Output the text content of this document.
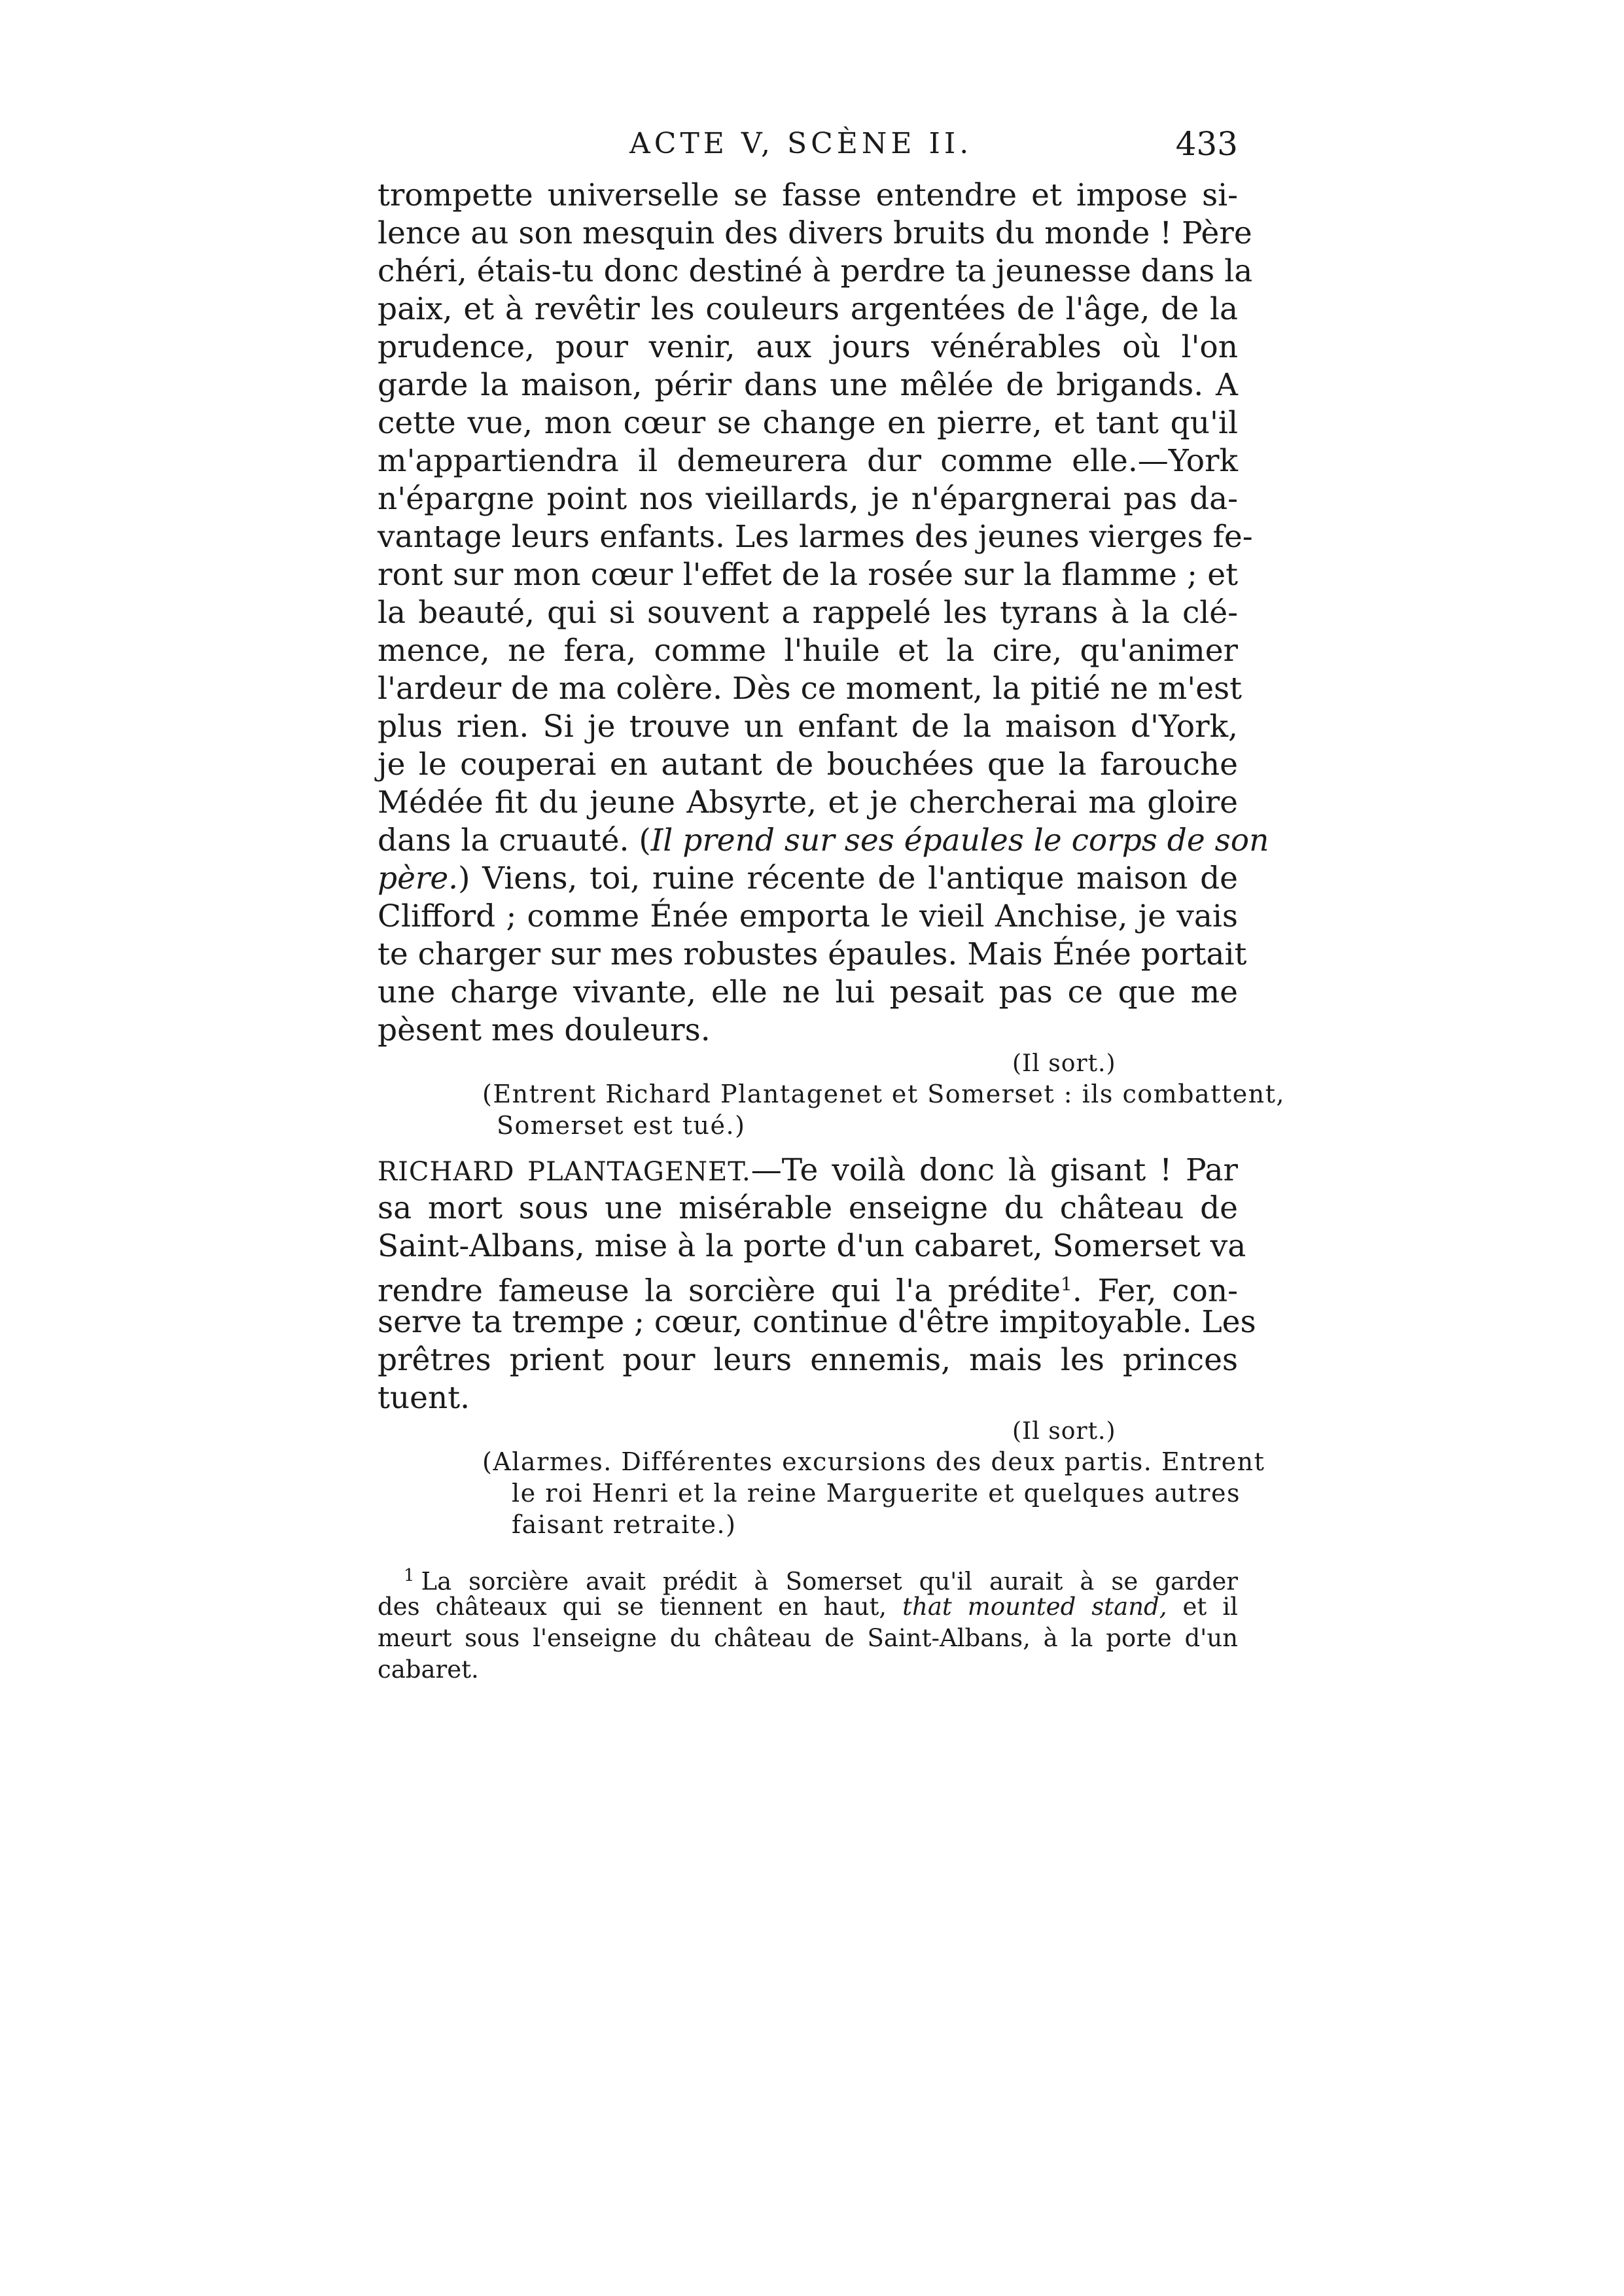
ACTE V, SCÈNE II.	433
trompette universelle se fasse entendre et impose si-
lence au son mesquin des divers bruits du monde ! Père
chéri, étais-tu donc destiné à perdre ta jeunesse dans la
paix, et à revêtir les couleurs argentées de l'âge, de la
prudence, pour venir, aux jours vénérables où l'on
garde la maison, périr dans une mêlée de brigands. A
cette vue, mon cœur se change en pierre, et tant qu'il
m'appartiendra il demeurera dur comme elle.—York
n'épargne point nos vieillards, je n'épargnerai pas da-
vantage leurs enfants. Les larmes des jeunes vierges fe-
ront sur mon cœur l'effet de la rosée sur la flamme ; et
la beauté, qui si souvent a rappelé les tyrans à la clé-
mence, ne fera, comme l'huile et la cire, qu'animer
l'ardeur de ma colère. Dès ce moment, la pitié ne m'est
plus rien. Si je trouve un enfant de la maison d'York,
je le couperai en autant de bouchées que la farouche
Médée fit du jeune Absyrte, et je chercherai ma gloire
dans la cruauté. (Il prend sur ses épaules le corps de son
père.) Viens, toi, ruine récente de l'antique maison de
Clifford ; comme Énée emporta le vieil Anchise, je vais
te charger sur mes robustes épaules. Mais Énée portait
une charge vivante, elle ne lui pesait pas ce que me
pèsent mes douleurs.
(Il sort.)
(Entrent Richard Plantagenet et Somerset : ils combattent,
Somerset est tué.)
RICHARD PLANTAGENET.—Te voilà donc là gisant ! Par
sa mort sous une misérable enseigne du château de
Saint-Albans, mise à la porte d'un cabaret, Somerset va
rendre fameuse la sorcière qui l'a prédite$^1$. Fer, con-
serve ta trempe ; cœur, continue d'être impitoyable. Les
prêtres prient pour leurs ennemis, mais les princes
tuent.
(Il sort.)
(Alarmes. Différentes excursions des deux partis. Entrent
le roi Henri et la reine Marguerite et quelques autres
faisant retraite.)
$^1$ La sorcière avait prédit à Somerset qu'il aurait à se garder
des châteaux qui se tiennent en haut, that mounted stand, et il
meurt sous l'enseigne du château de Saint-Albans, à la porte d'un
cabaret.
